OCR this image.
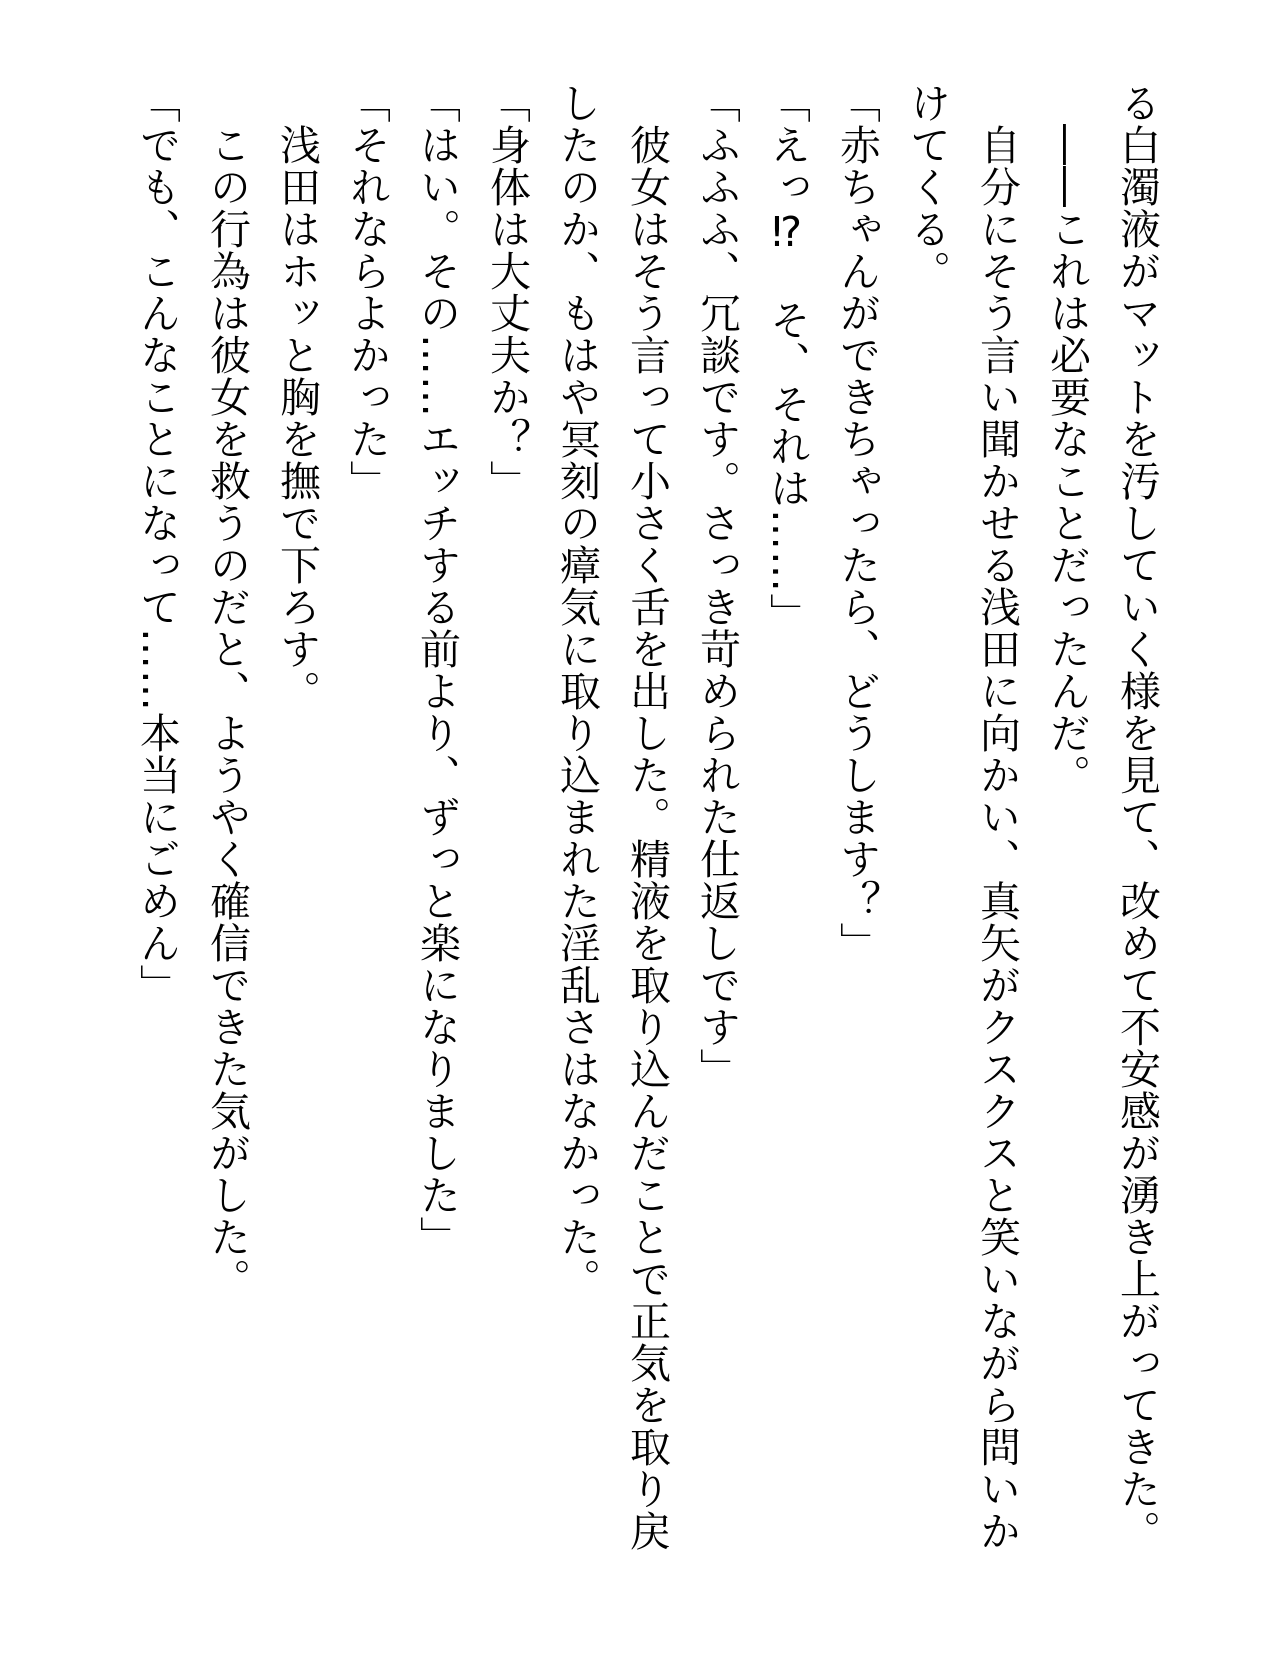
る白濁液がマットを汚していく様を見て、改めて不安感が湧き上がってきた。
　――これは必要なことだったんだ。
　自分にそう言い聞かせる浅田に向かい、真矢がクスクスと笑いながら問いか
けてくる。
「赤ちゃんができちゃったら、どうします？」
「えっ⁉　そ、それは……」
「ふふふ、冗談です。さっき苛められた仕返しです」
　彼女はそう言って小さく舌を出した。精液を取り込んだことで正気を取り戻
したのか、もはや冥刻の瘴気に取り込まれた淫乱さはなかった。
「身体は大丈夫か？」
「はい。その……エッチする前より、ずっと楽になりました」
「それならよかった」
　浅田はホッと胸を撫で下ろす。
　この行為は彼女を救うのだと、ようやく確信できた気がした。
「でも、こんなことになって……本当にごめん」
